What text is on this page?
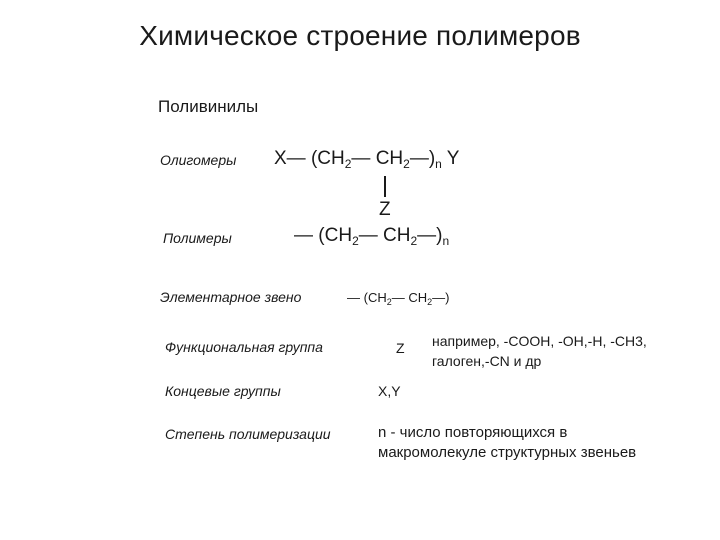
Химическое строение полимеров
Поливинилы
Олигомеры X— ($CH_2—$ $CH_2—)_n$ Y
Z
Полимеры	— ($CH_2—$ $CH_2—)_n$
Элементарное звено	— ($CH_2—$ $CH_2—$)
Функциональная группа	Z например, -COOH, -OH,-H, -CH3,
галоген,-CN и др
Концевые группы	X,Y
Степень полимеризации	n - число повторяющихся в
макромолекуле структурных звеньев
